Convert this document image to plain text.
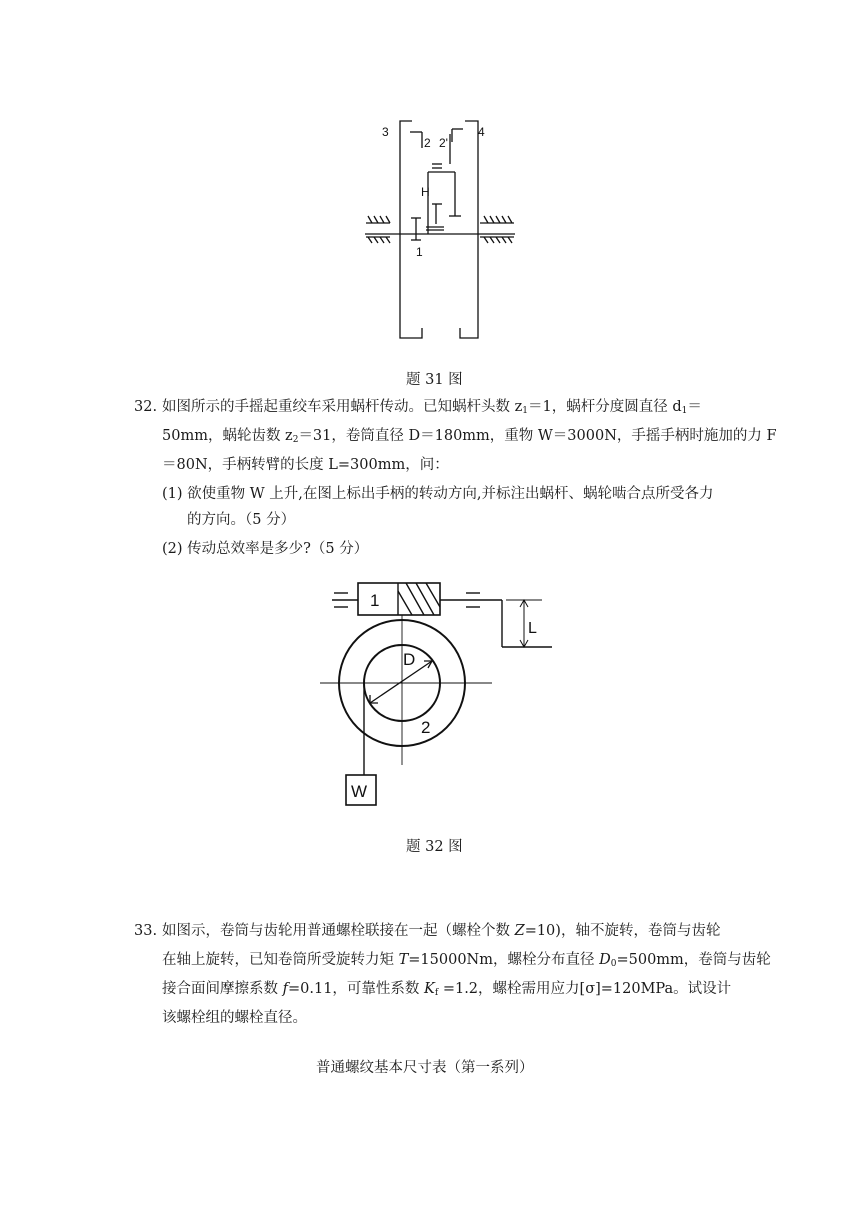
3
2 2'
4
H
1
题 31 图
32. 如图所示的手摇起重绞车采用蜗杆传动。已知蜗杆头数 $z_1=1$，蜗杆分度圆直径 $d_1=$
50mm，蜗轮齿数 $z_2=31$，卷筒直径 D＝180mm，重物 W＝3000N，手摇手柄时施加的力 F
＝80N，手柄转臂的长度 L=300mm，问：
(1) 欲使重物 W 上升,在图上标出手柄的转动方向,并标注出蜗杆、蜗轮啮合点所受各力
的方向。（5 分）
(2) 传动总效率是多少?（5 分）
1
2
D
L
W
题 32 图
33. 如图示，卷筒与齿轮用普通螺栓联接在一起（螺栓个数 Z=10)，轴不旋转，卷筒与齿轮
在轴上旋转，已知卷筒所受旋转力矩 T=15000Nm，螺栓分布直径 $D_0=500mm$，卷筒与齿轮
接合面间摩擦系数 f=0.11，可靠性系数 $K_f =1.2$，螺栓需用应力[σ]=120MPa。试设计
该螺栓组的螺栓直径。
普通螺纹基本尺寸表（第一系列）
